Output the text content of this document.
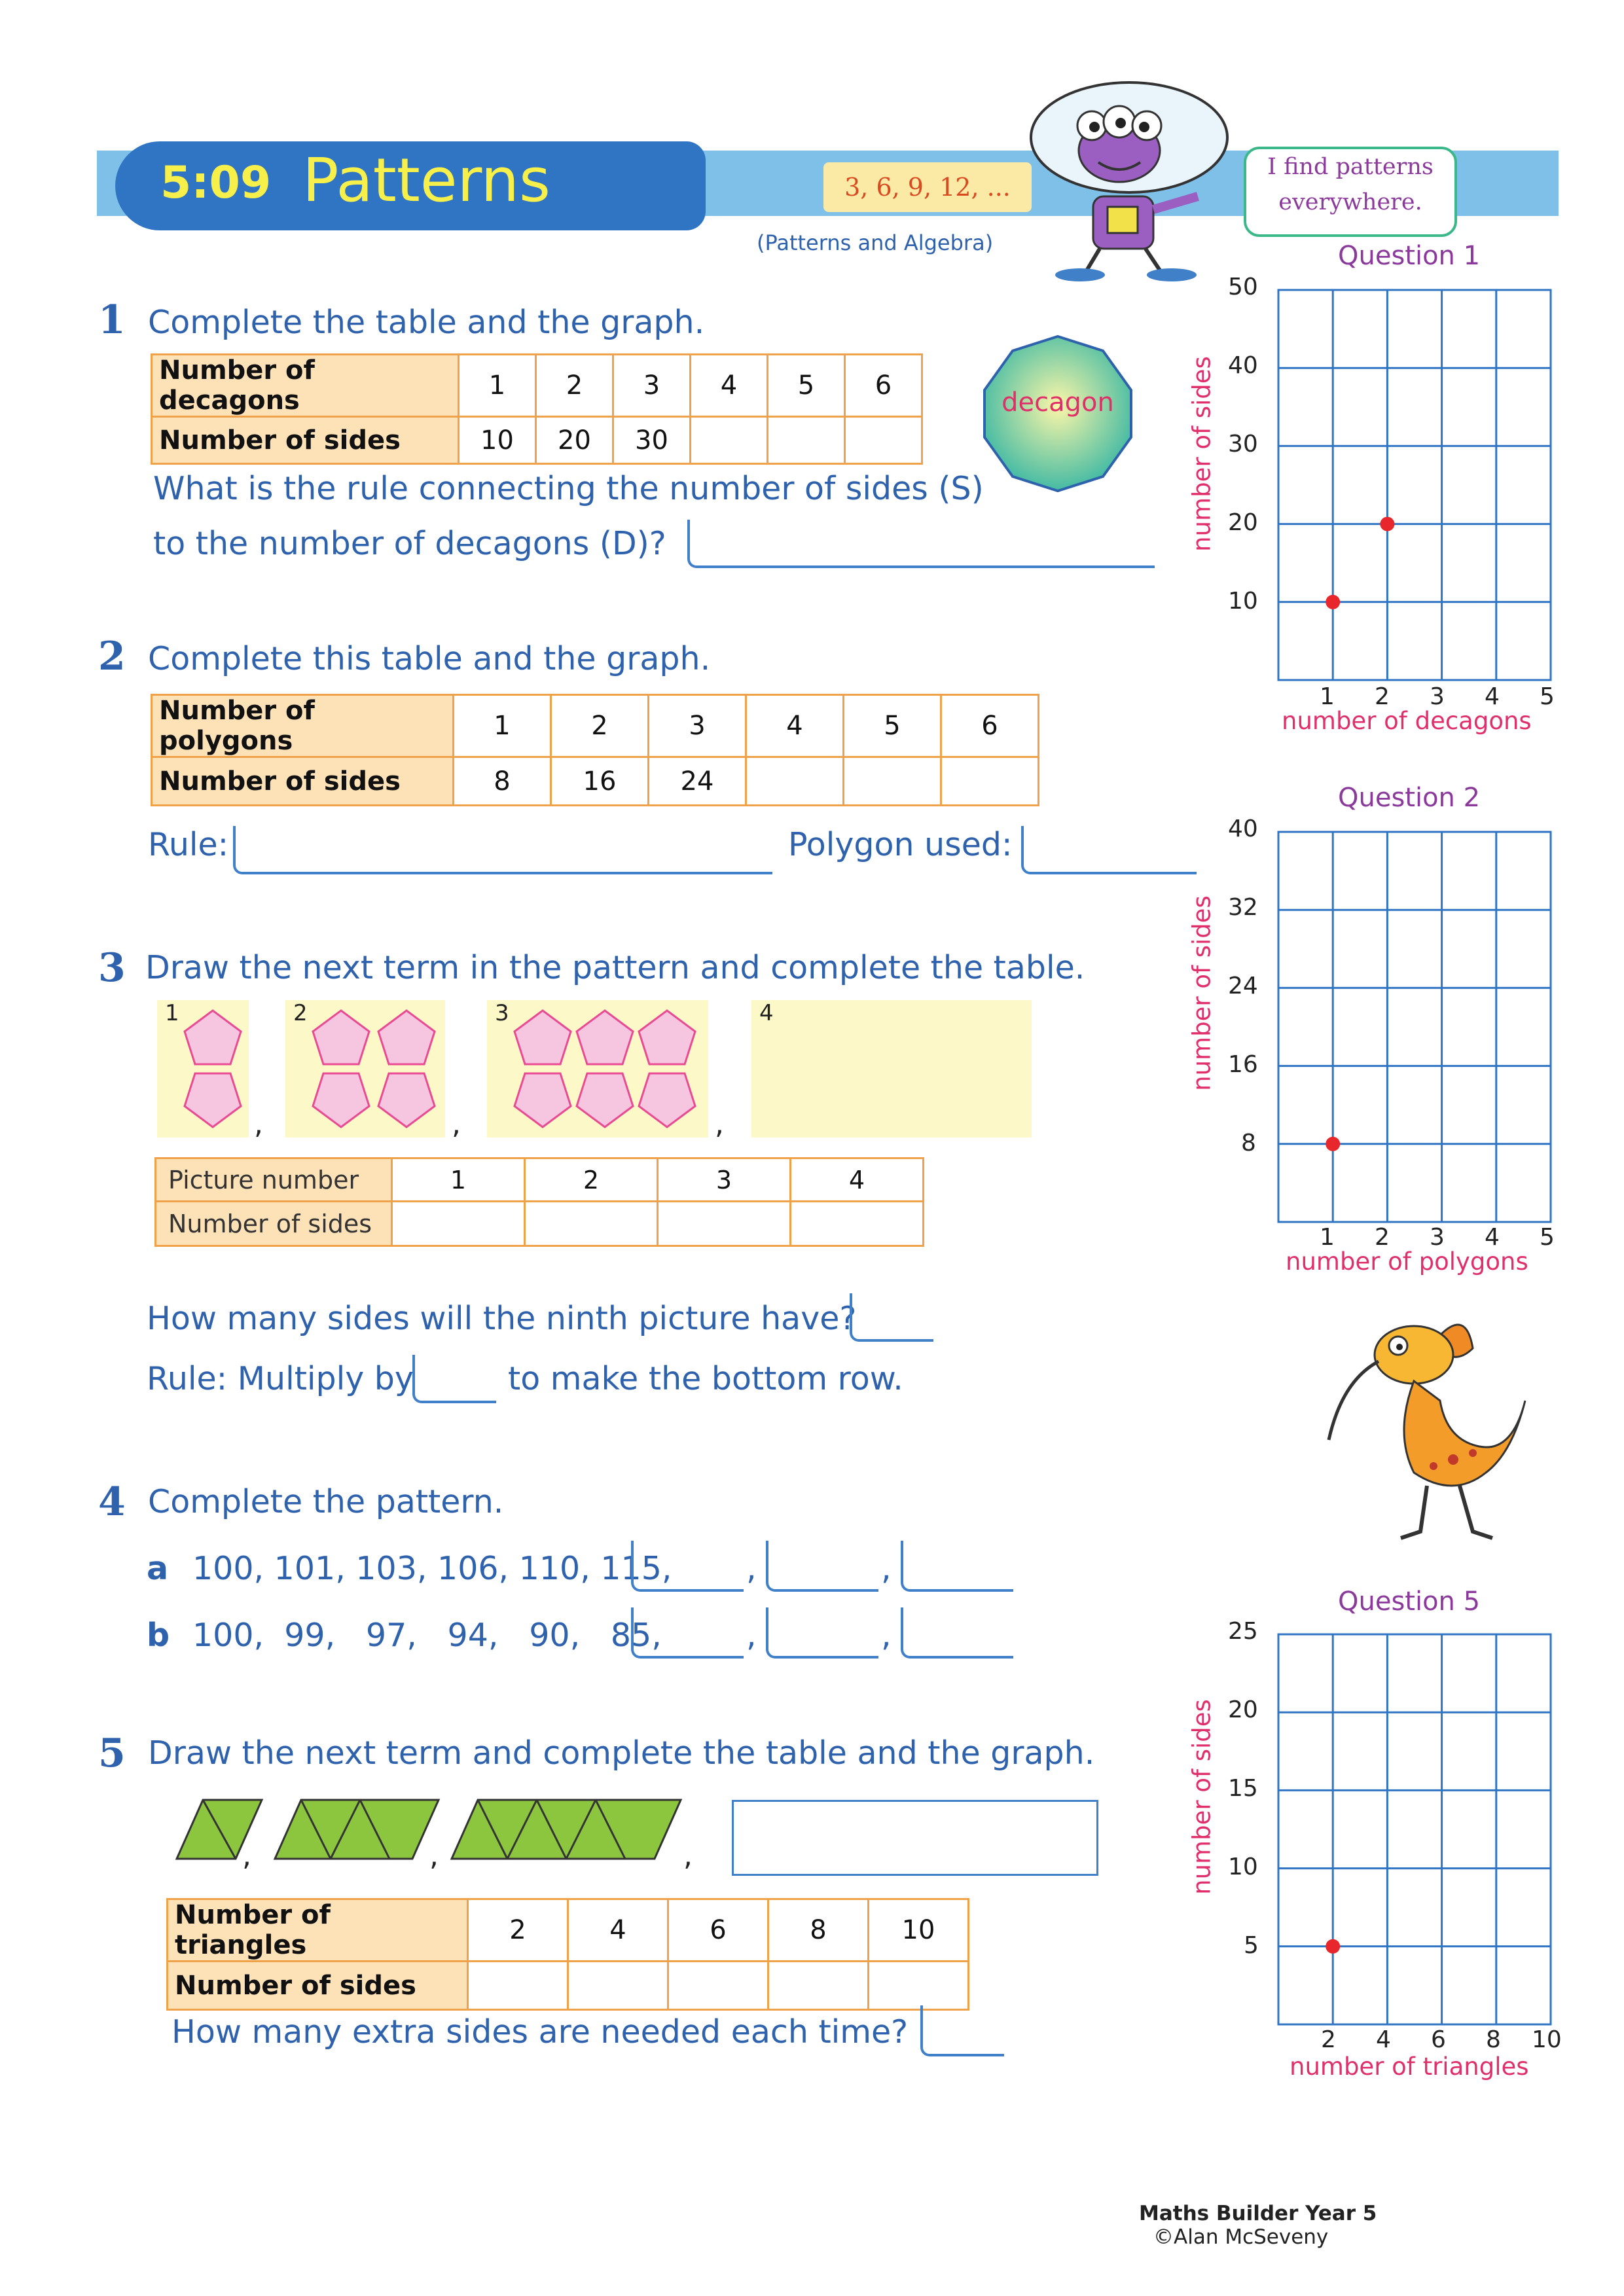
5:09 Patterns	3, 6, 9, 12, ...
(Patterns and Algebra)
I find patterns everywhere.
1 Complete the table and the graph.
Number of decagons	1	2	3	4	5	6
Number of sides	10	20	30			
decagon
What is the rule connecting the number of sides (S)
to the number of decagons (D)?
2 Complete this table and the graph.
Number of polygons	1	2	3	4	5	6
Number of sides	8	16	24			
Rule:	Polygon used:
3 Draw the next term in the pattern and complete the table.
1
,
2
,
3
,
4
Picture number	1	2	3	4
Number of sides				
How many sides will the ninth picture have?
Rule: Multiply by	to make the bottom row.
4 Complete the pattern.
a 100, 101, 103, 106, 110, 115, ,	,
b 100,  99,   97,   94,   90,   85,	,	,
5 Draw the next term and complete the table and the graph.
,	,	,
Number of triangles	2	4	6	8	10
Number of sides					
How many extra sides are needed each time?
Question 1
number of sides
number of decagons
50
40
30
20
10
1 2 3 4 5
Question 2
number of sides
number of polygons
40
32
24
16
8
1 2 3 4 5
Question 5
number of sides
number of triangles
25
20
15
10
5
2 4 6 8 10
Maths Builder Year 5
©Alan McSeveny
